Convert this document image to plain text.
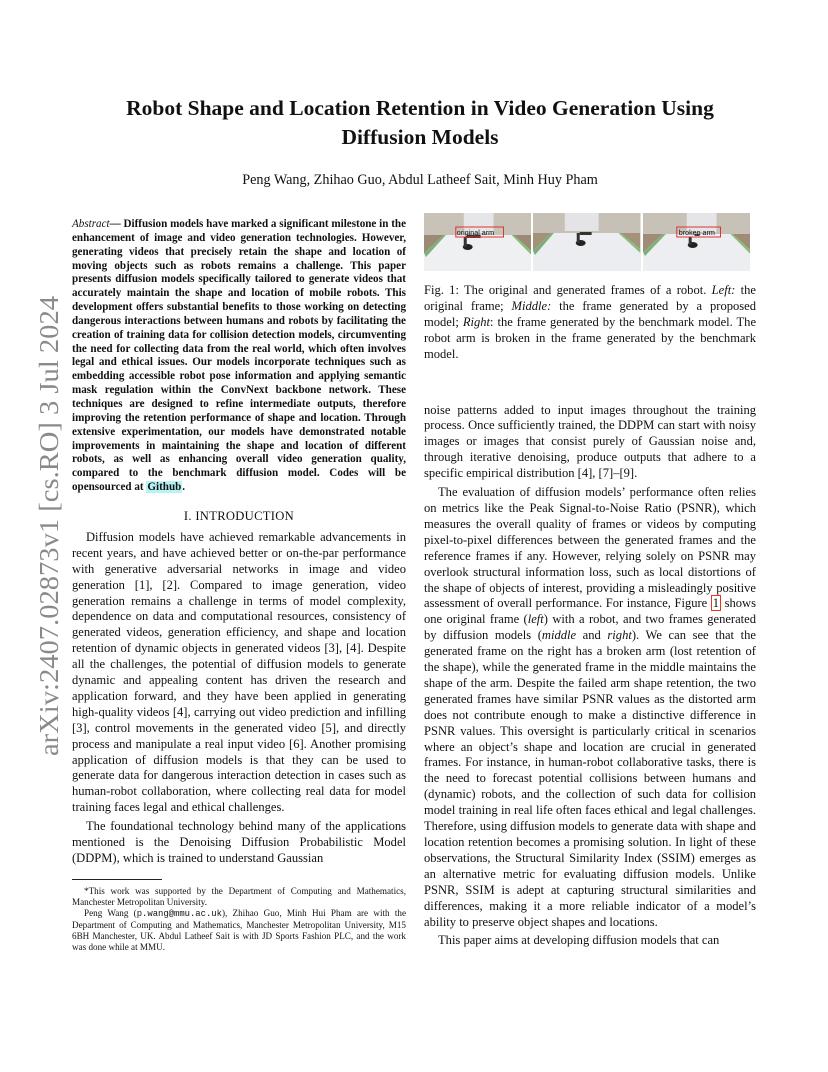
arXiv:2407.02873v1 [cs.RO] 3 Jul 2024
Robot Shape and Location Retention in Video Generation Using
Diffusion Models
Peng Wang, Zhihao Guo, Abdul Latheef Sait, Minh Huy Pham

Abstract— Diffusion models have marked a significant milestone in the enhancement of image and video generation technologies. However, generating videos that precisely retain the shape and location of moving objects such as robots remains a challenge. This paper presents diffusion models specifically tailored to generate videos that accurately maintain the shape and location of mobile robots. This development offers substantial benefits to those working on detecting dangerous interactions between humans and robots by facilitating the creation of training data for collision detection models, circumventing the need for collecting data from the real world, which often involves legal and ethical issues. Our models incorporate techniques such as embedding accessible robot pose information and applying semantic mask regulation within the ConvNext backbone network. These techniques are designed to refine intermediate outputs, therefore improving the retention performance of shape and location. Through extensive experimentation, our models have demonstrated notable improvements in maintaining the shape and location of different robots, as well as enhancing overall video generation quality, compared to the benchmark diffusion model. Codes will be opensourced at Github.

I. INTRODUCTION

Diffusion models have achieved remarkable advancements in recent years, and have achieved better or on-the-par performance with generative adversarial networks in image and video generation [1], [2]. Compared to image generation, video generation remains a challenge in terms of model complexity, dependence on data and computational resources, consistency of generated videos, generation efficiency, and shape and location retention of dynamic objects in generated videos [3], [4]. Despite all the challenges, the potential of diffusion models to generate dynamic and appealing content has driven the research and application forward, and they have been applied in generating high-quality videos [4], carrying out video prediction and infilling [3], control movements in the generated video [5], and directly process and manipulate a real input video [6]. Another promising application of diffusion models is that they can be used to generate data for dangerous interaction detection in cases such as human-robot collaboration, where collecting real data for model training faces legal and ethical challenges.

The foundational technology behind many of the applications mentioned is the Denoising Diffusion Probabilistic Model (DDPM), which is trained to understand Gaussian

*This work was supported by the Department of Computing and Mathematics, Manchester Metropolitan University.

Peng Wang (p.wang@mmu.ac.uk), Zhihao Guo, Minh Hui Pham are with the Department of Computing and Mathematics, Manchester Metropolitan University, M15 6BH Manchester, UK. Abdul Latheef Sait is with JD Sports Fashion PLC, and the work was done while at MMU.

original arm	broken arm

Fig. 1: The original and generated frames of a robot. Left: the original frame; Middle: the frame generated by a proposed model; Right: the frame generated by the benchmark model. The robot arm is broken in the frame generated by the benchmark model.

noise patterns added to input images throughout the training process. Once sufficiently trained, the DDPM can start with noisy images or images that consist purely of Gaussian noise and, through iterative denoising, produce outputs that adhere to a specific empirical distribution [4], [7]–[9].

The evaluation of diffusion models’ performance often relies on metrics like the Peak Signal-to-Noise Ratio (PSNR), which measures the overall quality of frames or videos by computing pixel-to-pixel differences between the generated frames and the reference frames if any. However, relying solely on PSNR may overlook structural information loss, such as local distortions of the shape of objects of interest, providing a misleadingly positive assessment of overall performance. For instance, Figure 1 shows one original frame (left) with a robot, and two frames generated by diffusion models (middle and right). We can see that the generated frame on the right has a broken arm (lost retention of the shape), while the generated frame in the middle maintains the shape of the arm. Despite the failed arm shape retention, the two generated frames have similar PSNR values as the distorted arm does not contribute enough to make a distinctive difference in PSNR values. This oversight is particularly critical in scenarios where an object’s shape and location are crucial in generated frames. For instance, in human-robot collaborative tasks, there is the need to forecast potential collisions between humans and (dynamic) robots, and the collection of such data for collision model training in real life often faces ethical and legal challenges. Therefore, using diffusion models to generate data with shape and location retention becomes a promising solution. In light of these observations, the Structural Similarity Index (SSIM) emerges as an alternative metric for evaluating diffusion models. Unlike PSNR, SSIM is adept at capturing structural similarities and differences, making it a more reliable indicator of a model’s ability to preserve object shapes and locations.

This paper aims at developing diffusion models that can
